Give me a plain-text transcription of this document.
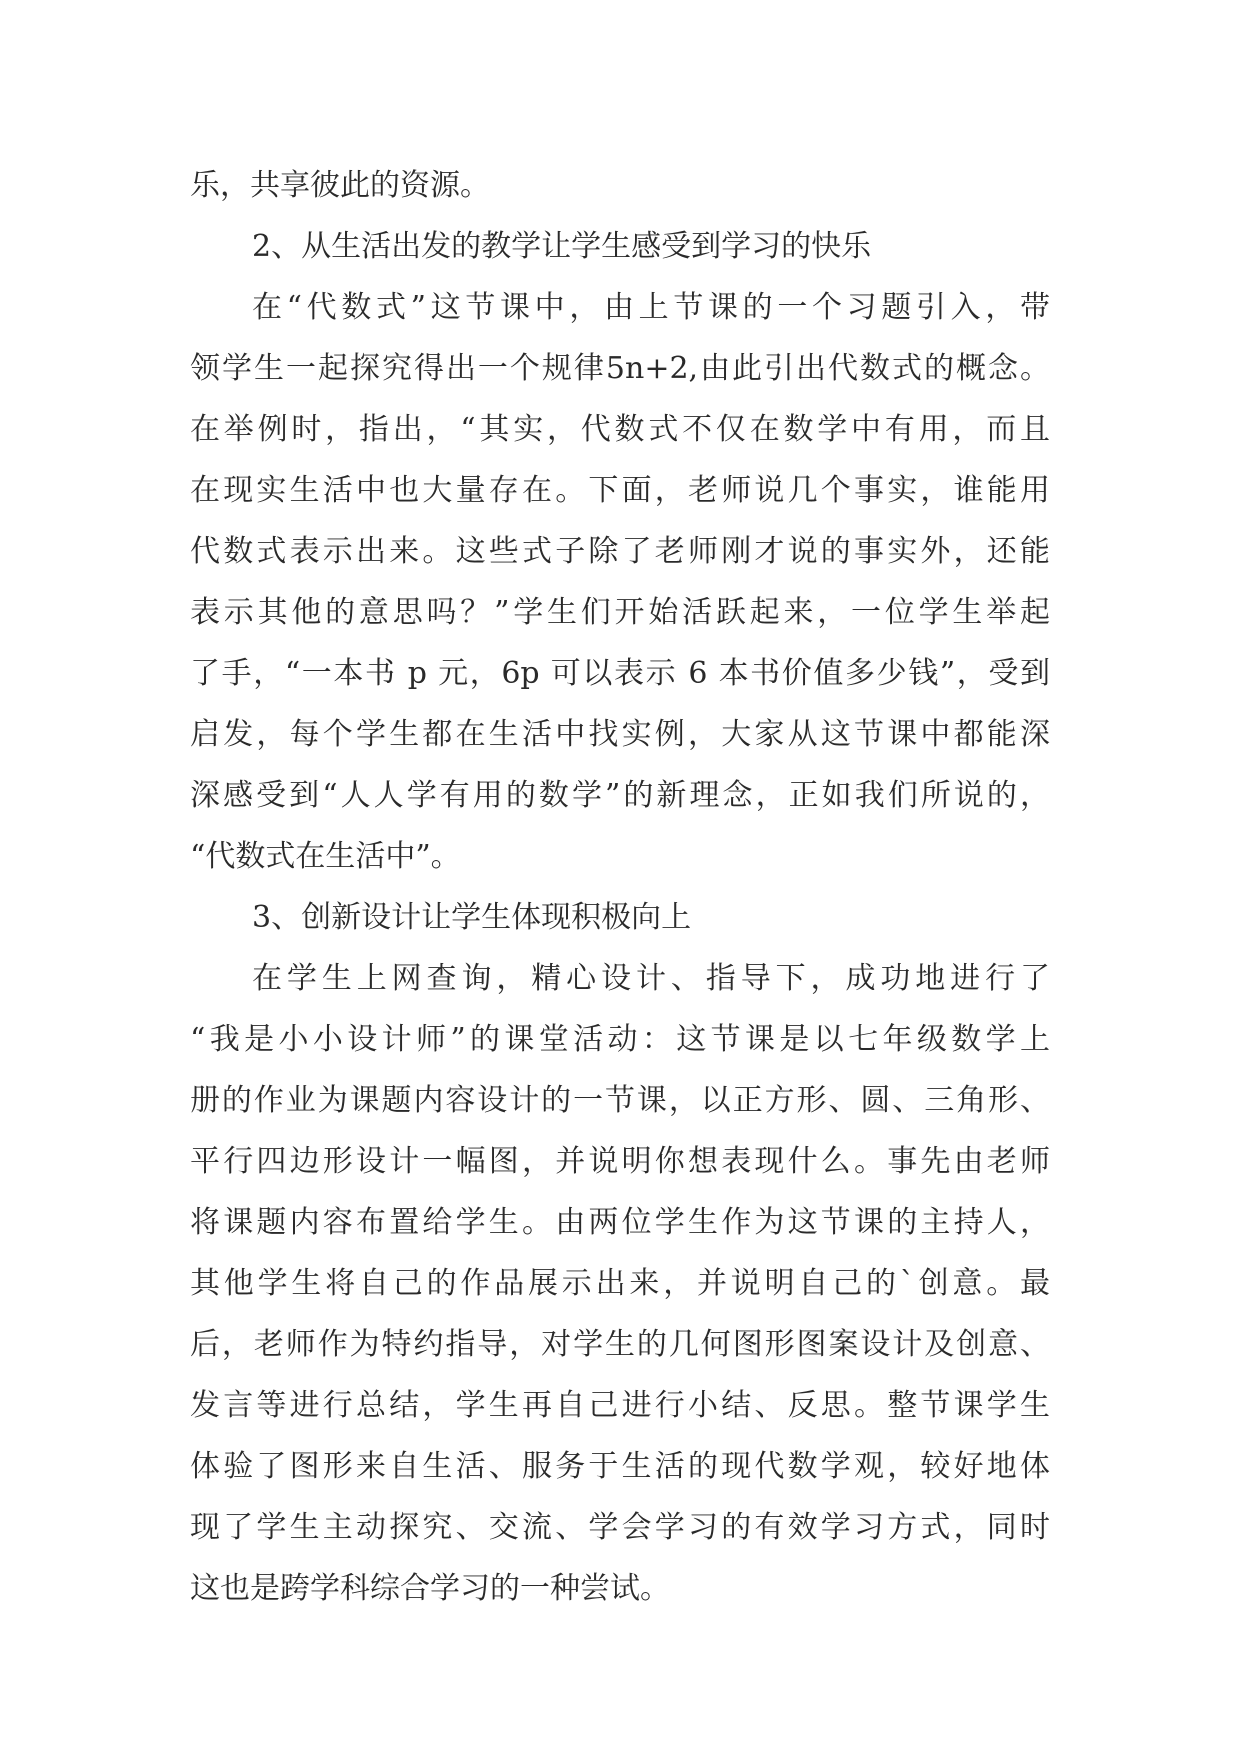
乐，共享彼此的资源。
2、从生活出发的教学让学生感受到学习的快乐
在“代数式”这节课中，由上节课的一个习题引入，带
领学生一起探究得出一个规律5n+2,由此引出代数式的概念。
在举例时，指出，“其实，代数式不仅在数学中有用，而且
在现实生活中也大量存在。下面，老师说几个事实，谁能用
代数式表示出来。这些式子除了老师刚才说的事实外，还能
表示其他的意思吗？”学生们开始活跃起来，一位学生举起
了手，“一本书 p 元，6p 可以表示 6 本书价值多少钱”，受到
启发，每个学生都在生活中找实例，大家从这节课中都能深
深感受到“人人学有用的数学”的新理念，正如我们所说的，
“代数式在生活中”。
3、创新设计让学生体现积极向上
在学生上网查询，精心设计、指导下，成功地进行了
“我是小小设计师”的课堂活动：这节课是以七年级数学上
册的作业为课题内容设计的一节课，以正方形、圆、三角形、
平行四边形设计一幅图，并说明你想表现什么。事先由老师
将课题内容布置给学生。由两位学生作为这节课的主持人，
其他学生将自己的作品展示出来，并说明自己的`创意。最
后，老师作为特约指导，对学生的几何图形图案设计及创意、
发言等进行总结，学生再自己进行小结、反思。整节课学生
体验了图形来自生活、服务于生活的现代数学观，较好地体
现了学生主动探究、交流、学会学习的有效学习方式，同时
这也是跨学科综合学习的一种尝试。
